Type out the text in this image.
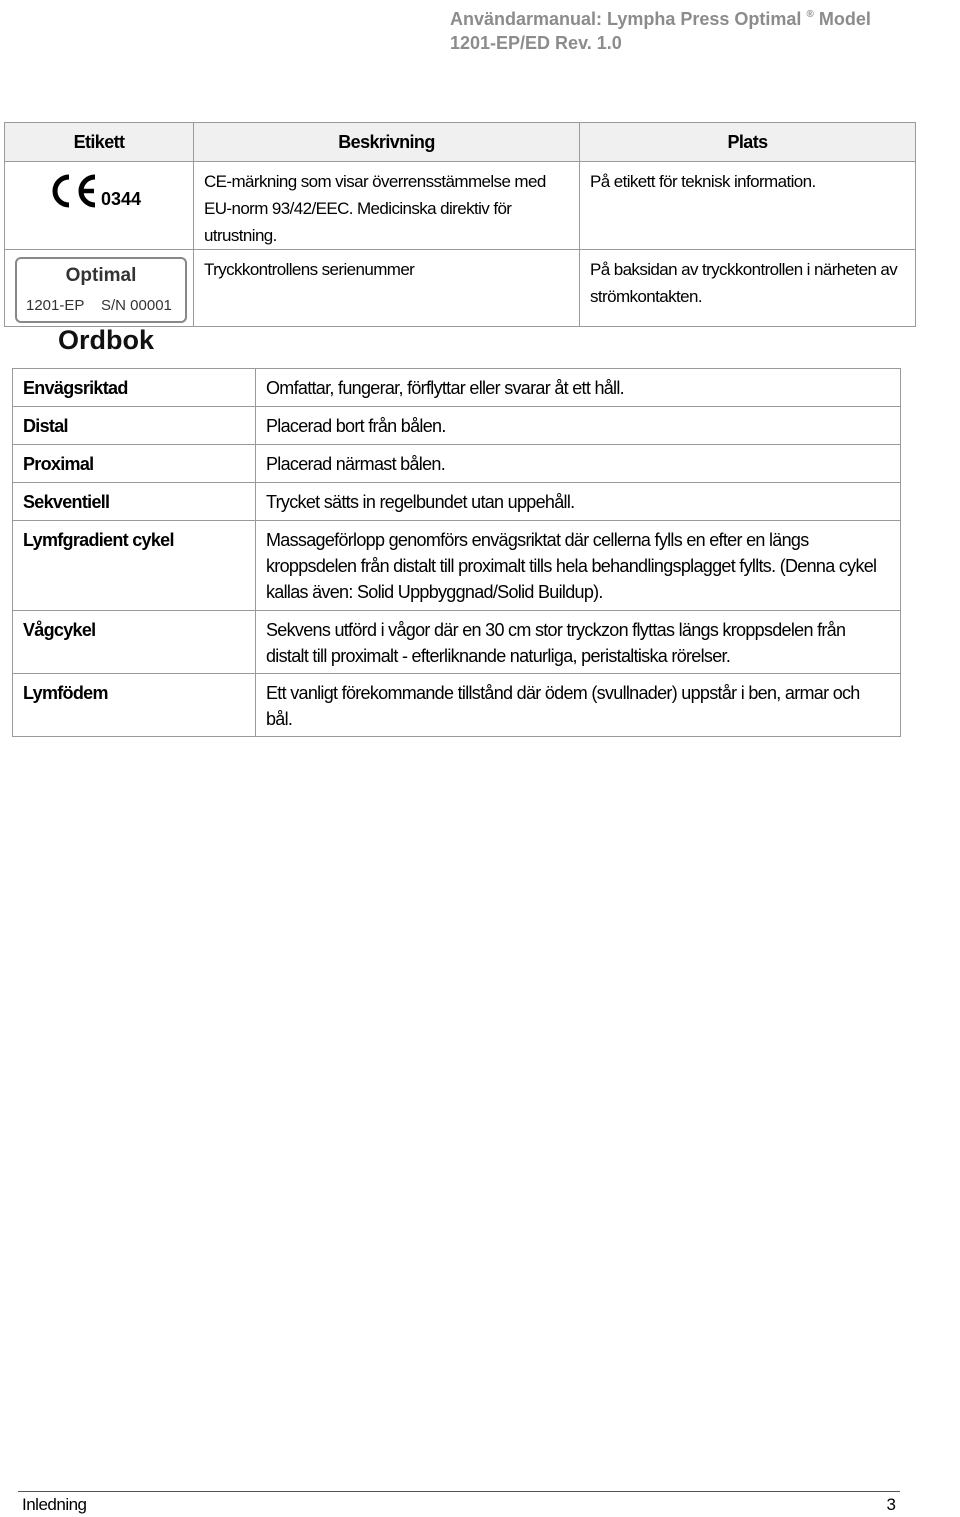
Användarmanual: Lympha Press Optimal ® Model
1201-EP/ED Rev. 1.0
Etikett	Beskrivning	Plats

0344	CE-märkning som visar överrensstämmelse med EU-norm 93/42/EEC. Medicinska direktiv för utrustning.	På etikett för teknisk information.

Optimal
1201-EP S/N 00001	Tryckkontrollens serienummer	På baksidan av tryckkontrollen i närheten av strömkontakten.
Ordbok
Envägsriktad	Omfattar, fungerar, förflyttar eller svarar åt ett håll.
Distal	Placerad bort från bålen.
Proximal	Placerad närmast bålen.
Sekventiell	Trycket sätts in regelbundet utan uppehåll.
Lymfgradient cykel	Massageförlopp genomförs envägsriktat där cellerna fylls en efter en längs kroppsdelen från distalt till proximalt tills hela behandlingsplagget fyllts. (Denna cykel kallas även: Solid Uppbyggnad/Solid Buildup).
Vågcykel	Sekvens utförd i vågor där en 30 cm stor tryckzon flyttas längs kroppsdelen från distalt till proximalt - efterliknande naturliga, peristaltiska rörelser.
Lymfödem	Ett vanligt förekommande tillstånd där ödem (svullnader) uppstår i ben, armar och bål.
Inledning	3
